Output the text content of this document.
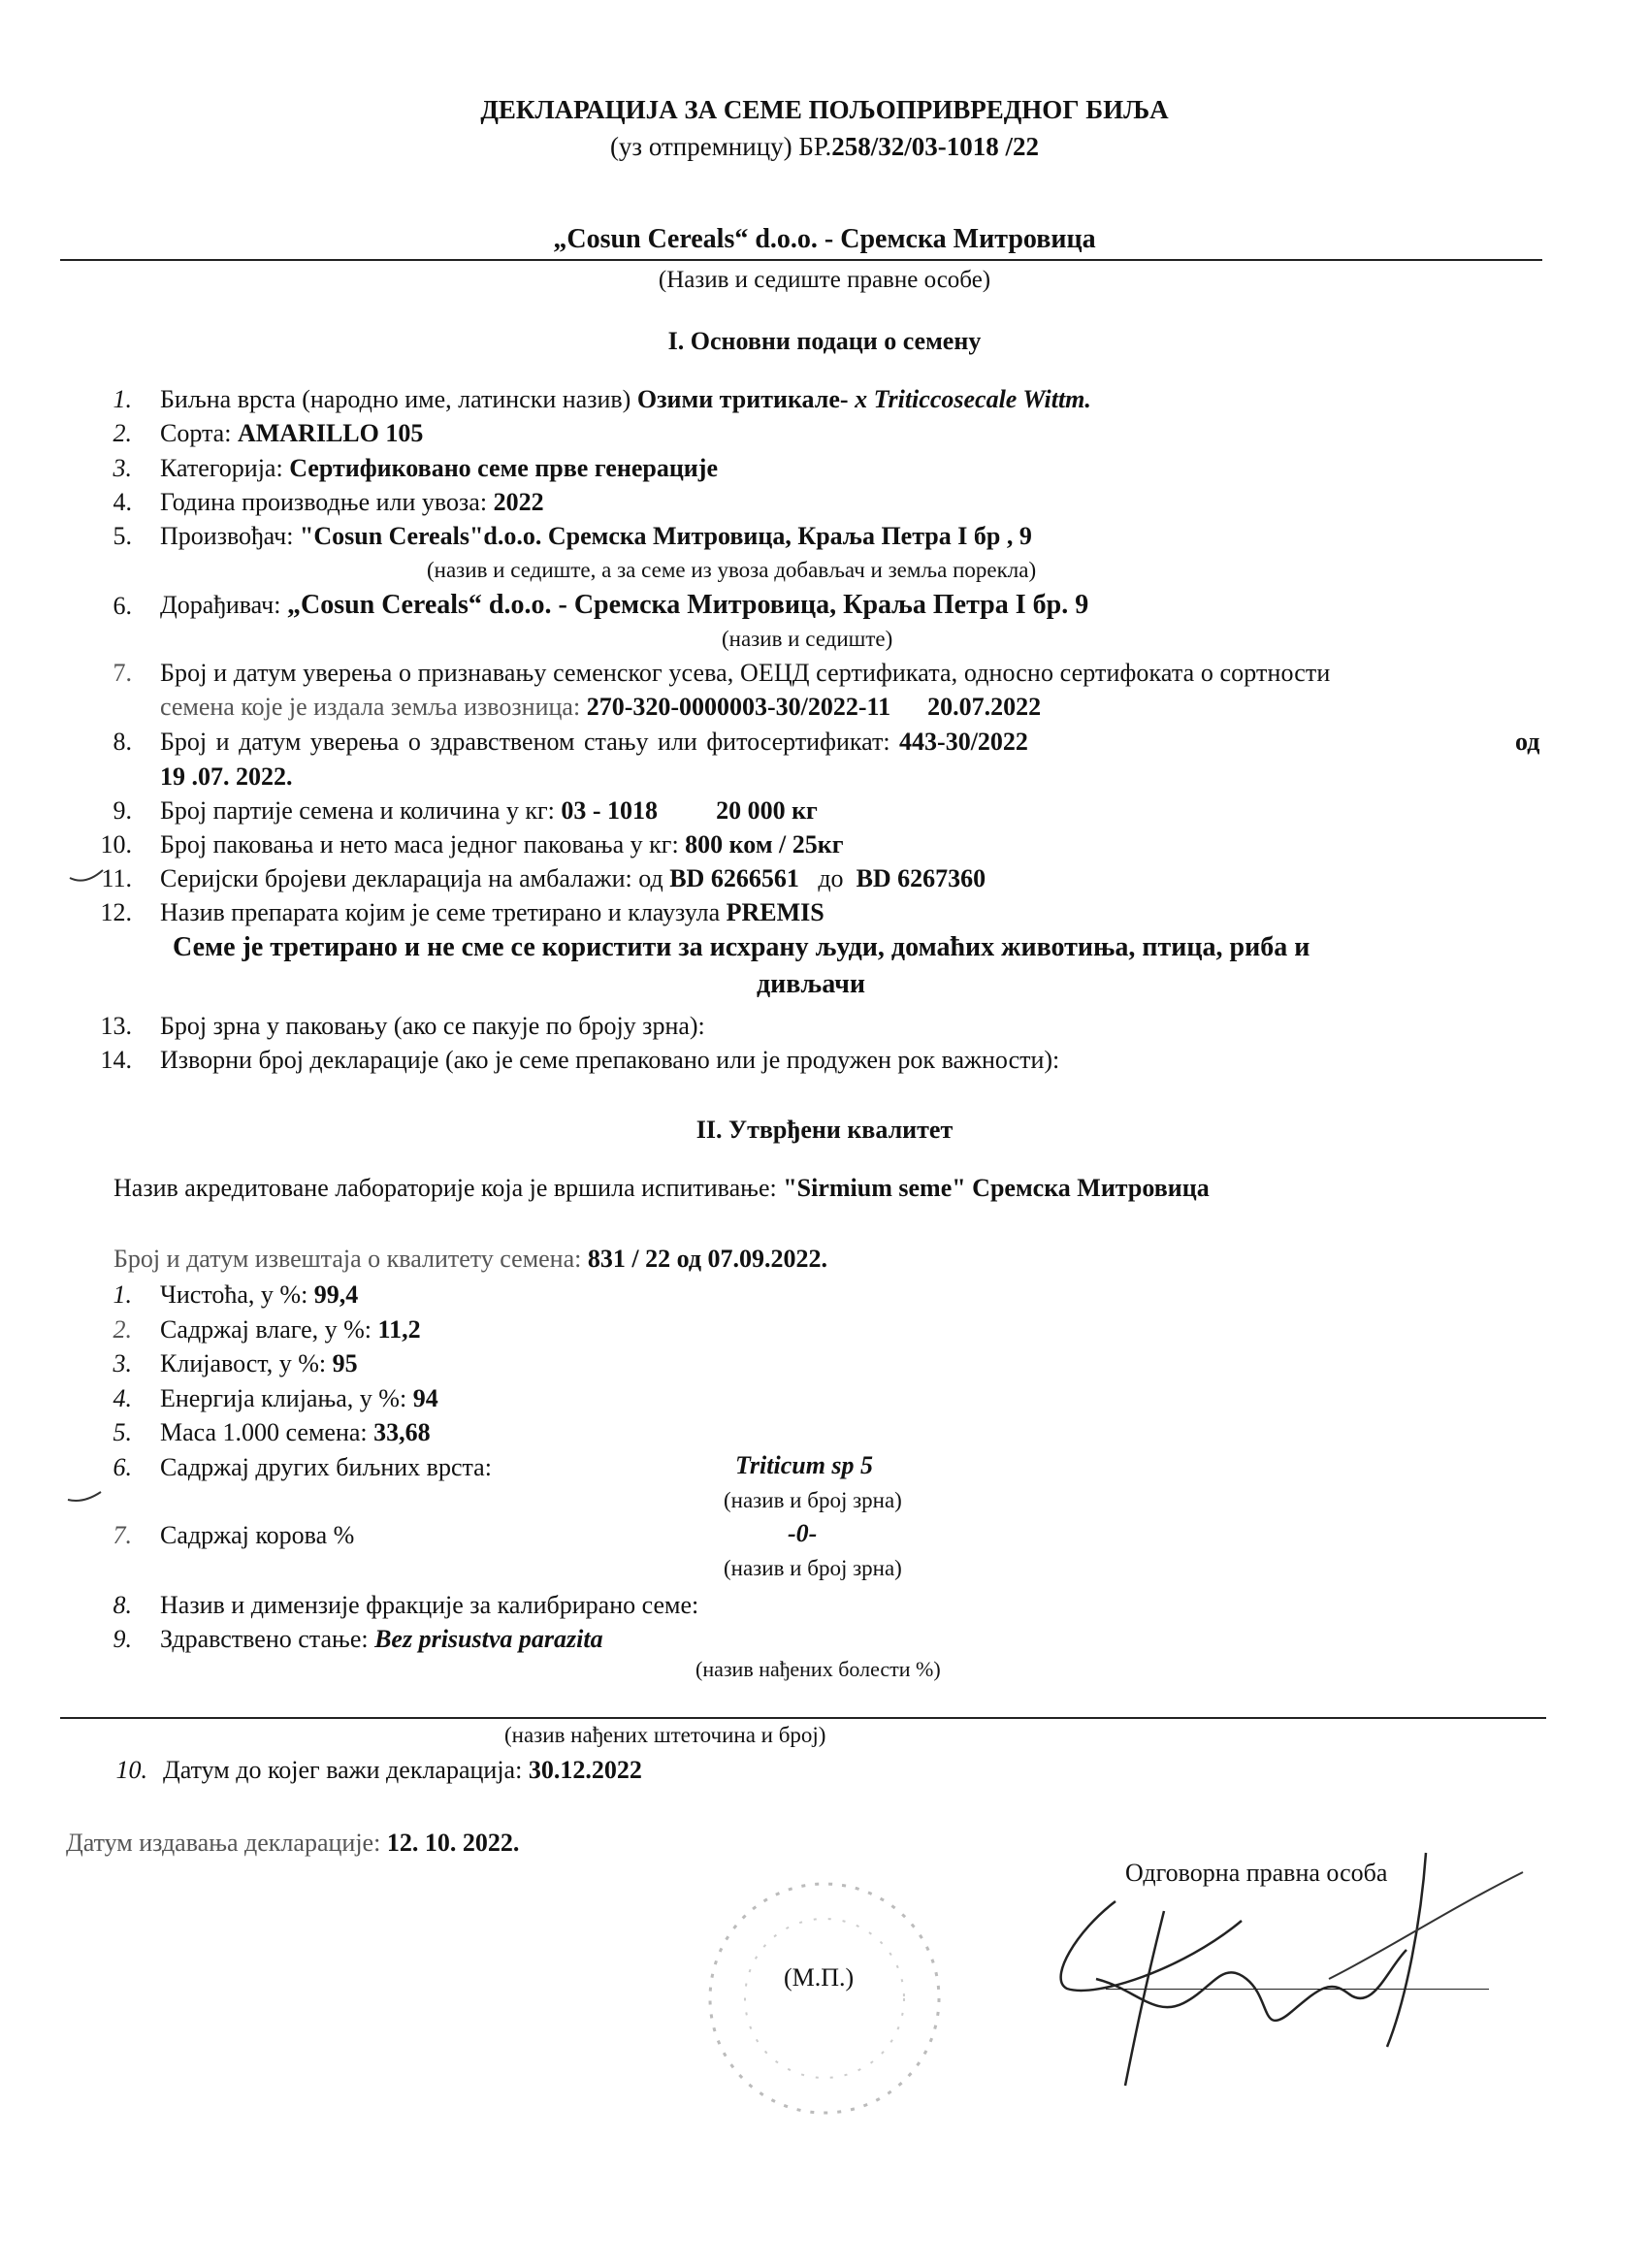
ДЕКЛАРАЦИЈА ЗА СЕМЕ ПОЉОПРИВРЕДНОГ БИЉА
(уз отпремницу) БР.258/32/03-1018 /22
„Cosun Cereals“ d.o.o. - Сремска Митровица
(Назив и седиште правне особе)
I. Основни подаци о семену
1. Биљна врста (народно име, латински назив) Озими тритикале- x Triticcosecale Wittm.
2. Сорта: AMARILLO 105
3. Категорија: Сертификовано семе прве генерације
4. Година производње или увоза: 2022
5. Произвођач: "Cosun Cereals"d.o.o. Сремска Митровица, Краља Петра I бр , 9
(назив и седиште, а за семе из увоза добављач и земља порекла)
6. Дорађивач: „Cosun Cereals“ d.o.o. - Сремска Митровица, Краља Петра I бр. 9
(назив и седиште)
7. Број и датум уверења о признавању семенског усева, ОЕЦД сертификата, односно сертифоката о сортности
семена које је издала земља извозница: 270-320-0000003-30/2022-11 20.07.2022
8. Број и датум уверења о здравственом стању или фитосертификат: 443-30/2022	од
19 .07. 2022.
9. Број партије семена и количина у кг: 03 - 1018 20 000 кг
10. Број паковања и нето маса једног паковања у кг: 800 ком / 25кг
11. Серијски бројеви декларација на амбалажи: од BD 6266561   до  BD 6267360
12. Назив препарата којим је семе третирано и клаузула PREMIS
Семе је третирано и не сме се користити за исхрану људи, домаћих животиња, птица, риба и
дивљачи
13. Број зрна у паковању (ако се пакује по броју зрна):
14. Изворни број декларације (ако је семе препаковано или је продужен рок важности):
II. Утврђени квалитет
Назив акредитоване лабораторије која је вршила испитивање: "Sirmium seme" Сремска Митровица
Број и датум извештаја о квалитету семена: 831 / 22 од 07.09.2022.
1. Чистоћа, у %: 99,4
2. Садржај влаге, у %: 11,2
3. Клијавост, у %: 95
4. Енергија клијања, у %: 94
5. Маса 1.000 семена: 33,68
6. Садржај других биљних врста:	Triticum sp 5
(назив и број зрна)
7. Садржај корова %	-0-
(назив и број зрна)
8. Назив и димензије фракције за калибрирано семе:
9. Здравствено стање: Bez prisustva parazita
(назив нађених болести %)
(назив нађених штеточина и број)
10. Датум до којег важи декларација: 30.12.2022
Датум издавања декларације: 12. 10. 2022.
Одговорна правна особа
(М.П.)
